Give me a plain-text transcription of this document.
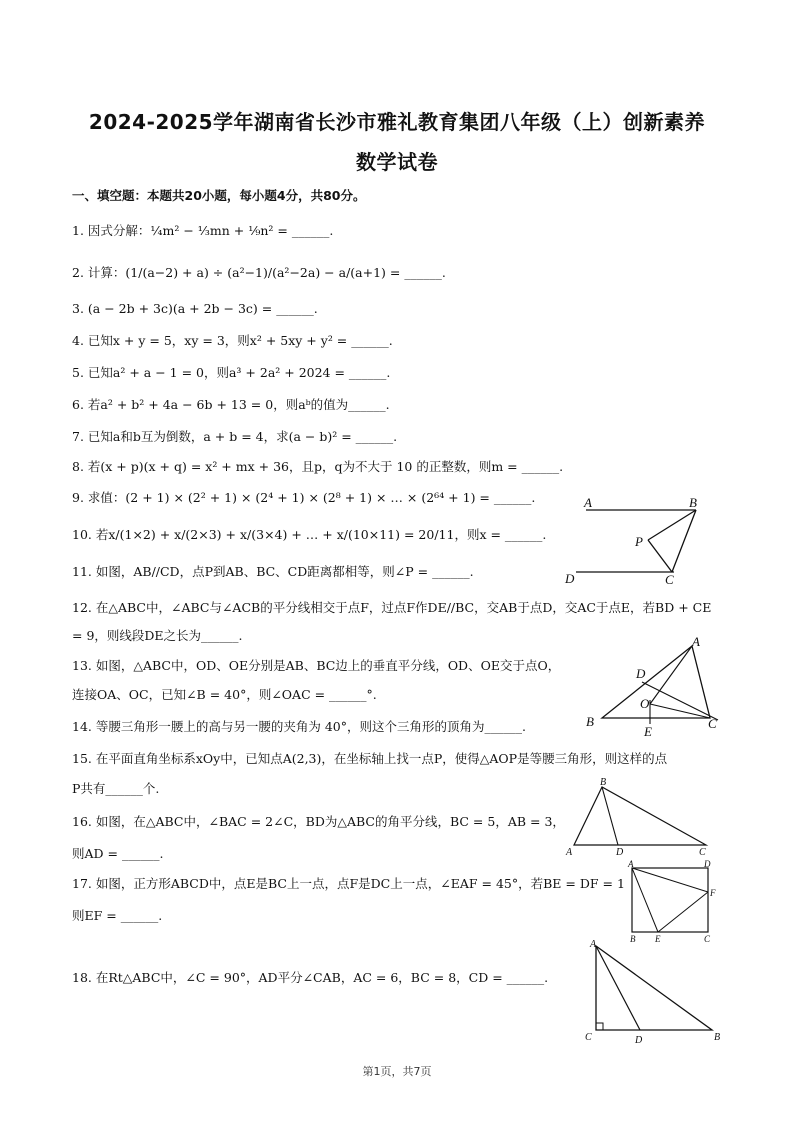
2024-2025学年湖南省长沙市雅礼教育集团八年级（上）创新素养
数学试卷
一、填空题：本题共20小题，每小题4分，共80分。
1. 因式分解：¼m² − ⅓mn + ⅑n² = ______.
2. 计算：(1/(a−2) + a) ÷ (a²−1)/(a²−2a) − a/(a+1) = ______.
3. (a − 2b + 3c)(a + 2b − 3c) = ______.
4. 已知x + y = 5，xy = 3，则x² + 5xy + y² = ______.
5. 已知a² + a − 1 = 0，则a³ + 2a² + 2024 = ______.
6. 若a² + b² + 4a − 6b + 13 = 0，则aᵇ的值为______.
7. 已知a和b互为倒数，a + b = 4，求(a − b)² = ______.
8. 若(x + p)(x + q) = x² + mx + 36，且p，q为不大于 10 的正整数，则m = ______.
9. 求值：(2 + 1) × (2² + 1) × (2⁴ + 1) × (2⁸ + 1) × … × (2⁶⁴ + 1) = ______.
10. 若x/(1×2) + x/(2×3) + x/(3×4) + … + x/(10×11) = 20/11，则x = ______.
11. 如图，AB//CD，点P到AB、BC、CD距离都相等，则∠P = ______.
12. 在△ABC中，∠ABC与∠ACB的平分线相交于点F，过点F作DE//BC，交AB于点D，交AC于点E，若BD + CE = 9，则线段DE之长为______.
13. 如图，△ABC中，OD、OE分别是AB、BC边上的垂直平分线，OD、OE交于点O，
连接OA、OC，已知∠B = 40°，则∠OAC = ______°.
14. 等腰三角形一腰上的高与另一腰的夹角为 40°，则这个三角形的顶角为______.
15. 在平面直角坐标系xOy中，已知点A(2,3)，在坐标轴上找一点P，使得△AOP是等腰三角形，则这样的点
P共有______个.
16. 如图，在△ABC中，∠BAC = 2∠C，BD为△ABC的角平分线，BC = 5，AB = 3，
则AD = ______.
17. 如图，正方形ABCD中，点E是BC上一点，点F是DC上一点，∠EAF = 45°，若BE = DF = 1
则EF = ______.
18. 在Rt△ABC中，∠C = 90°，AD平分∠CAB，AC = 6，BC = 8，CD = ______.
A	B
P
D	C
A
D
O
B
E
C
B
A	D	C
A	D
F
B E	C
A
C	D	B
第1页，共7页
